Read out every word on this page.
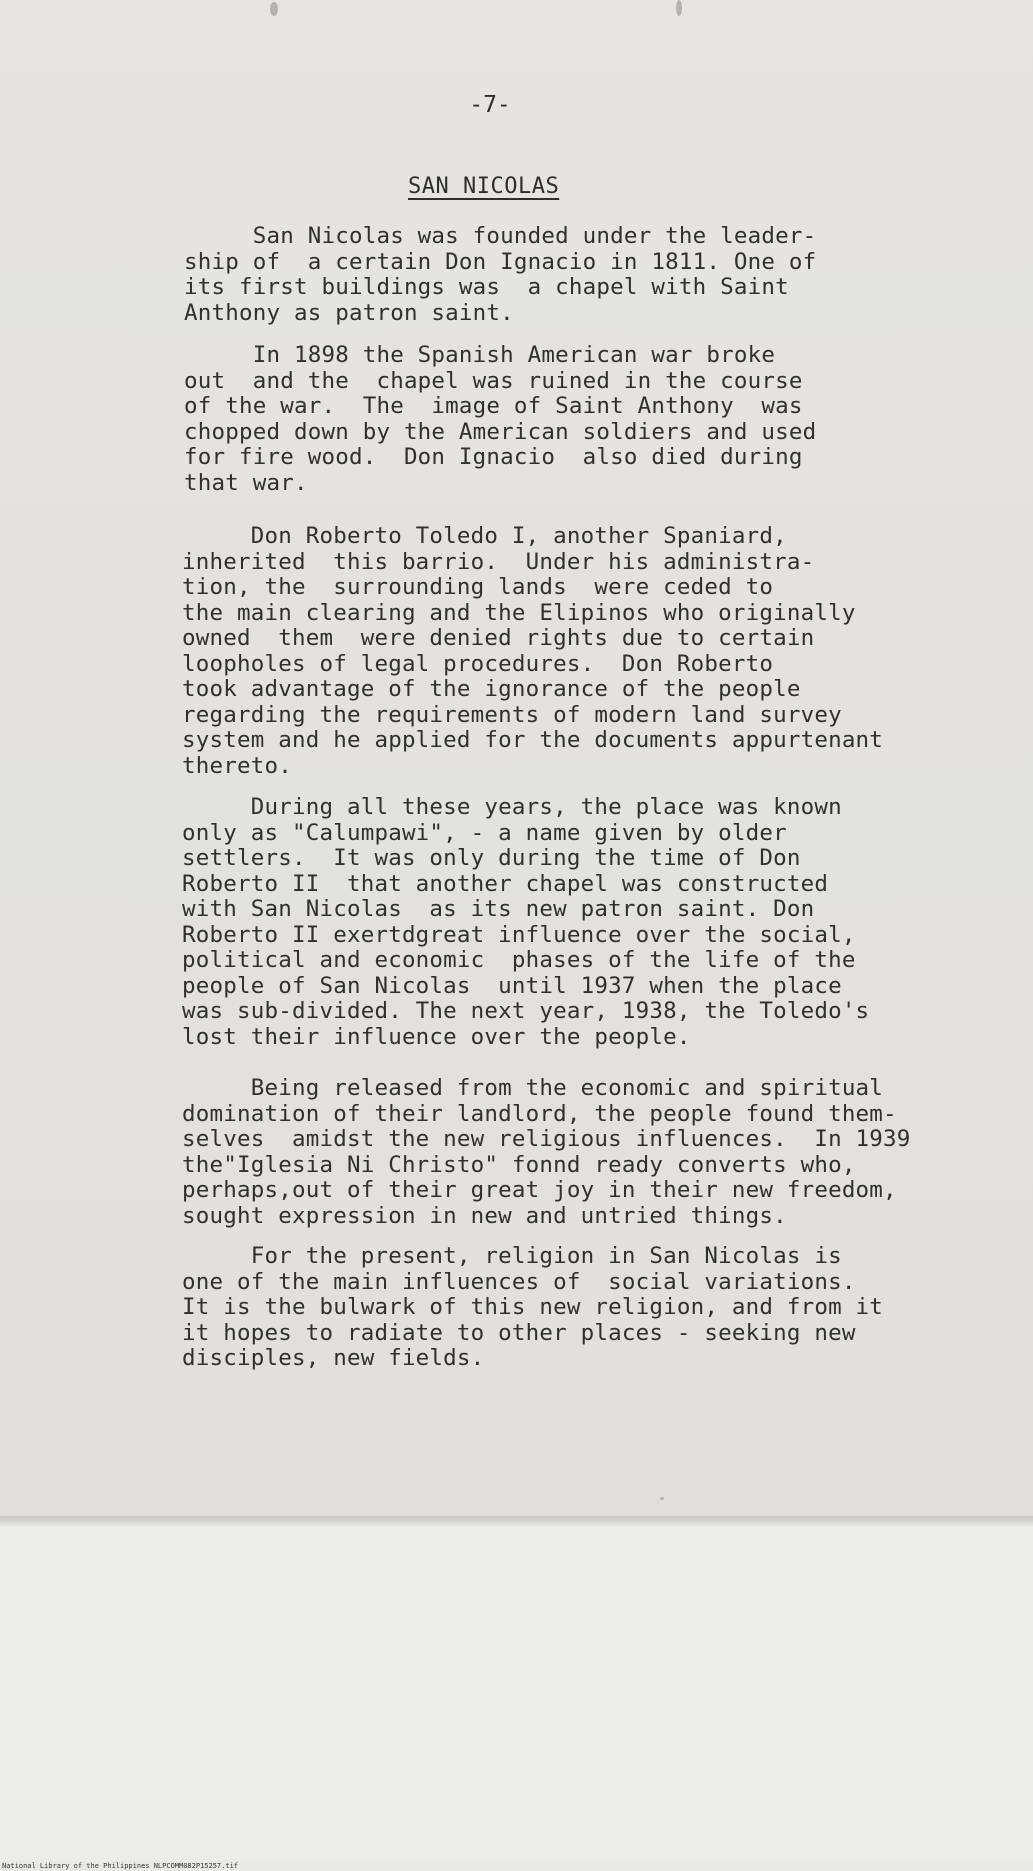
-7-

SAN NICOLAS

San Nicolas was founded under the leader-
ship of  a certain Don Ignacio in 1811. One of
its first buildings was  a chapel with Saint
Anthony as patron saint.

In 1898 the Spanish American war broke
out  and the  chapel was ruined in the course
of the war.  The  image of Saint Anthony  was
chopped down by the American soldiers and used
for fire wood.  Don Ignacio  also died during
that war.

Don Roberto Toledo I, another Spaniard,
inherited  this barrio.  Under his administra-
tion, the  surrounding lands  were ceded to
the main clearing and the Elipinos who originally
owned  them  were denied rights due to certain
loopholes of legal procedures.  Don Roberto
took advantage of the ignorance of the people
regarding the requirements of modern land survey
system and he applied for the documents appurtenant
thereto.

During all these years, the place was known
only as "Calumpawi", - a name given by older
settlers.  It was only during the time of Don
Roberto II  that another chapel was constructed
with San Nicolas  as its new patron saint. Don
Roberto II exertdgreat influence over the social,
political and economic  phases of the life of the
people of San Nicolas  until 1937 when the place
was sub-divided. The next year, 1938, the Toledo's
lost their influence over the people.

Being released from the economic and spiritual
domination of their landlord, the people found them-
selves  amidst the new religious influences.  In 1939
the"Iglesia Ni Christo" fonnd ready converts who,
perhaps,out of their great joy in their new freedom,
sought expression in new and untried things.

For the present, religion in San Nicolas is
one of the main influences of  social variations.
It is the bulwark of this new religion, and from it
it hopes to radiate to other places - seeking new
disciples, new fields.

National Library of the Philippines NLPCOMM082P15257.tif
